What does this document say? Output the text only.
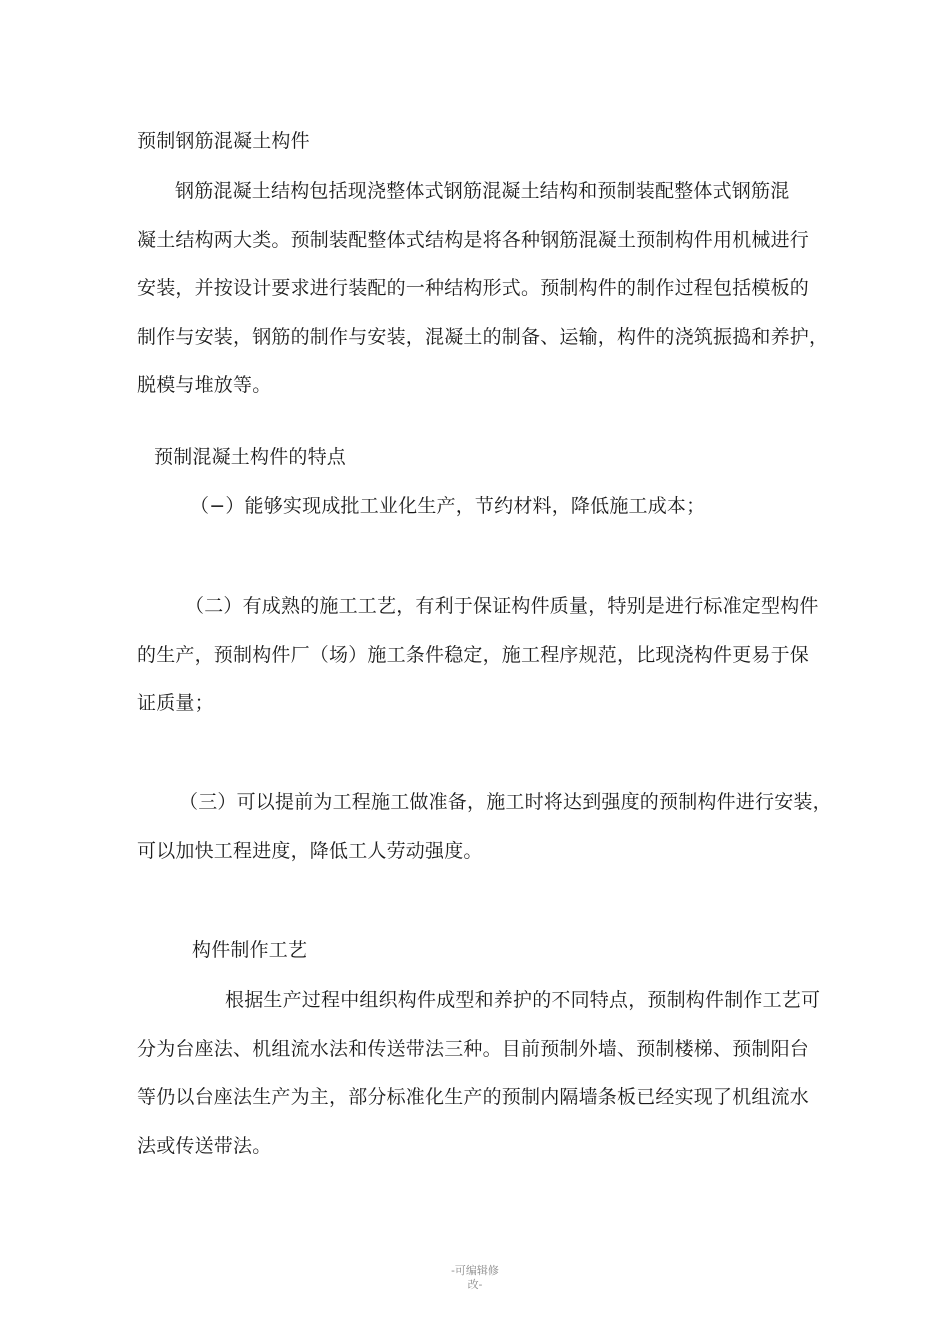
预制钢筋混凝土构件
钢筋混凝土结构包括现浇整体式钢筋混凝土结构和预制装配整体式钢筋混
凝土结构两大类。预制装配整体式结构是将各种钢筋混凝土预制构件用机械进行
安装，并按设计要求进行装配的一种结构形式。预制构件的制作过程包括模板的
制作与安装，钢筋的制作与安装，混凝土的制备、运输，构件的浇筑振捣和养护，
脱模与堆放等。
预制混凝土构件的特点
（−）能够实现成批工业化生产，节约材料，降低施工成本；
（二）有成熟的施工工艺，有利于保证构件质量，特别是进行标准定型构件
的生产，预制构件厂（场）施工条件稳定，施工程序规范，比现浇构件更易于保
证质量；
（三）可以提前为工程施工做准备，施工时将达到强度的预制构件进行安装，
可以加快工程进度，降低工人劳动强度。
构件制作工艺
根据生产过程中组织构件成型和养护的不同特点，预制构件制作工艺可
分为台座法、机组流水法和传送带法三种。目前预制外墙、预制楼梯、预制阳台
等仍以台座法生产为主，部分标准化生产的预制内隔墙条板已经实现了机组流水
法或传送带法。
-可编辑修
改-
